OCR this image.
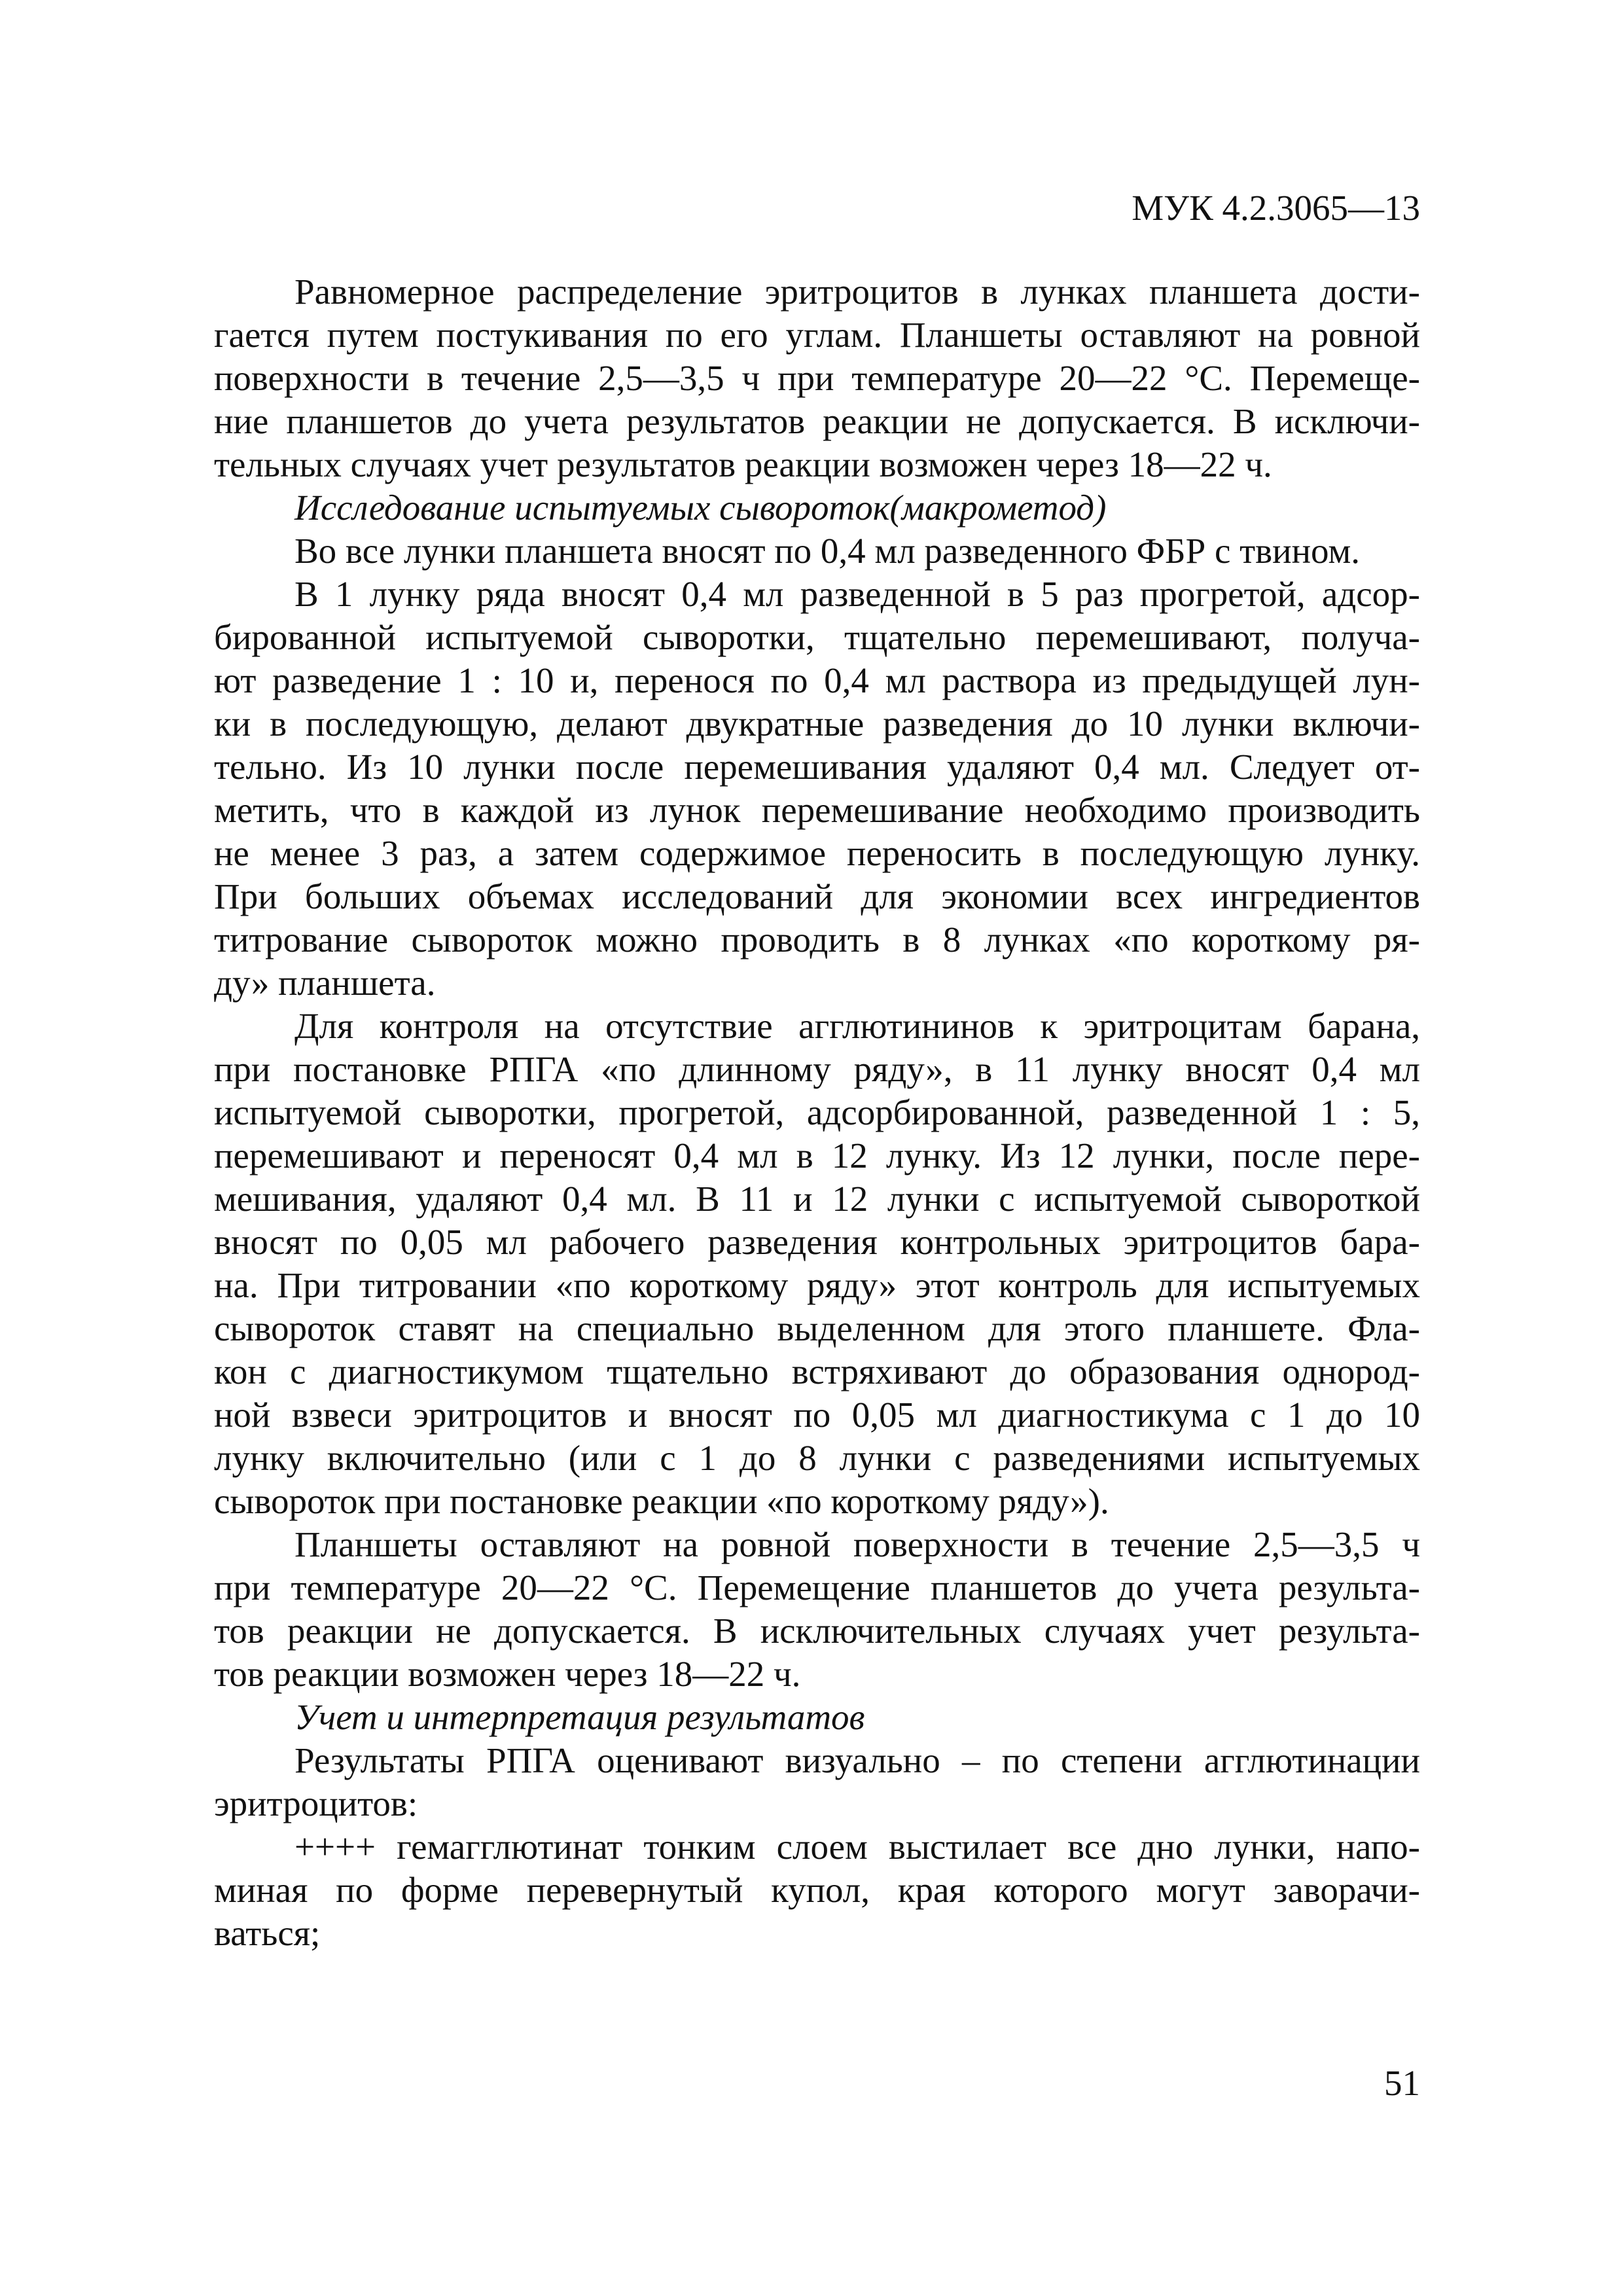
МУК 4.2.3065—13
Равномерное распределение эритроцитов в лунках планшета дости-
гается путем постукивания по его углам. Планшеты оставляют на ровной
поверхности в течение 2,5—3,5 ч при температуре 20—22 °С. Перемеще-
ние планшетов до учета результатов реакции не допускается. В исключи-
тельных случаях учет результатов реакции возможен через 18—22 ч.
Исследование испытуемых сывороток(макрометод)
Во все лунки планшета вносят по 0,4 мл разведенного ФБР с твином.
В 1 лунку ряда вносят 0,4 мл разведенной в 5 раз прогретой, адсор-
бированной испытуемой сыворотки, тщательно перемешивают, получа-
ют разведение 1 : 10 и, перенося по 0,4 мл раствора из предыдущей лун-
ки в последующую, делают двукратные разведения до 10 лунки включи-
тельно. Из 10 лунки после перемешивания удаляют 0,4 мл. Следует от-
метить, что в каждой из лунок перемешивание необходимо производить
не менее 3 раз, а затем содержимое переносить в последующую лунку.
При больших объемах исследований для экономии всех ингредиентов
титрование сывороток можно проводить в 8 лунках «по короткому ря-
ду» планшета.
Для контроля на отсутствие агглютининов к эритроцитам барана,
при постановке РПГА «по длинному ряду», в 11 лунку вносят 0,4 мл
испытуемой сыворотки, прогретой, адсорбированной, разведенной 1 : 5,
перемешивают и переносят 0,4 мл в 12 лунку. Из 12 лунки, после пере-
мешивания, удаляют 0,4 мл. В 11 и 12 лунки с испытуемой сывороткой
вносят по 0,05 мл рабочего разведения контрольных эритроцитов бара-
на. При титровании «по короткому ряду» этот контроль для испытуемых
сывороток ставят на специально выделенном для этого планшете. Фла-
кон с диагностикумом тщательно встряхивают до образования однород-
ной взвеси эритроцитов и вносят по 0,05 мл диагностикума с 1 до 10
лунку включительно (или с 1 до 8 лунки с разведениями испытуемых
сывороток при постановке реакции «по короткому ряду»).
Планшеты оставляют на ровной поверхности в течение 2,5—3,5 ч
при температуре 20—22 °С. Перемещение планшетов до учета результа-
тов реакции не допускается. В исключительных случаях учет результа-
тов реакции возможен через 18—22 ч.
Учет и интерпретация результатов
Результаты РПГА оценивают визуально – по степени агглютинации
эритроцитов:
++++ гемагглютинат тонким слоем выстилает все дно лунки, напо-
миная по форме перевернутый купол, края которого могут заворачи-
ваться;
51
